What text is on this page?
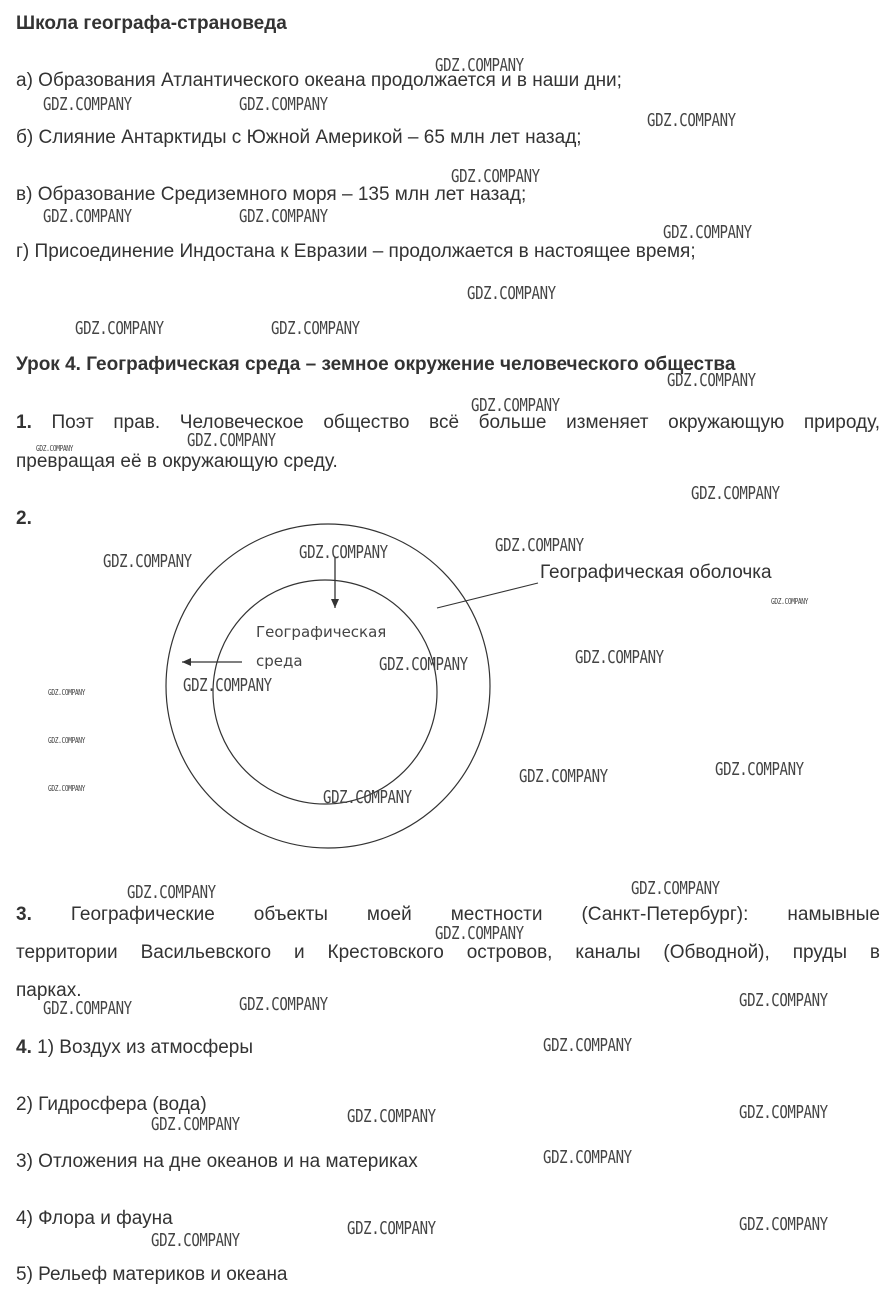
Школа географа-страноведа
а) Образования Атлантического океана продолжается и в наши дни;
б) Слияние Антарктиды с Южной Америкой – 65 млн лет назад;
в) Образование Средиземного моря – 135 млн лет назад;
г) Присоединение Индостана к Евразии – продолжается в настоящее время;
Урок 4. Географическая среда – земное окружение человеческого общества
1. Поэт прав. Человеческое общество всё больше изменяет окружающую природу,
превращая её в окружающую среду.
2.
Географическая оболочка
Географическая
среда
3. Географические объекты моей местности (Санкт-Петербург): намывные
территории Васильевского и Крестовского островов, каналы (Обводной), пруды в
парках.
4. 1) Воздух из атмосферы
2) Гидросфера (вода)
3) Отложения на дне океанов и на материках
4) Флора и фауна
5) Рельеф материков и океана
GDZ.COMPANY
GDZ.COMPANY	GDZ.COMPANY
GDZ.COMPANY
GDZ.COMPANY
GDZ.COMPANY	GDZ.COMPANY
GDZ.COMPANY
GDZ.COMPANY
GDZ.COMPANY	GDZ.COMPANY
GDZ.COMPANY
GDZ.COMPANY
GDZ.COMPANY
GDZ.COMPANY
GDZ.COMPANY
GDZ.COMPANY
GDZ.COMPANY
GDZ.COMPANY
GDZ.COMPANY
GDZ.COMPANY
GDZ.COMPANY
GDZ.COMPANY
GDZ.COMPANY
GDZ.COMPANY
GDZ.COMPANY
GDZ.COMPANY
GDZ.COMPANY	GDZ.COMPANY
GDZ.COMPANY
GDZ.COMPANY
GDZ.COMPANY
GDZ.COMPANY
GDZ.COMPANY
GDZ.COMPANY
GDZ.COMPANY
GDZ.COMPANY
GDZ.COMPANY
GDZ.COMPANY
GDZ.COMPANY
GDZ.COMPANY
GDZ.COMPANY
GDZ.COMPANY
